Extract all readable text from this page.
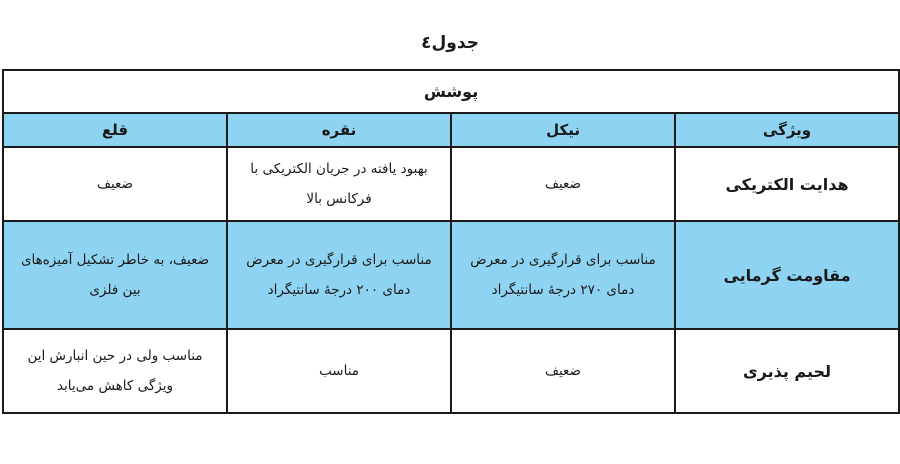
جدول٤
پوشش			
ویژگی	نیکل	نقره	قلع
هدایت الکتریکی	ضعیف	بهبود یافته در جریان الکتریکی با فرکانس بالا	ضعیف
مقاومت گرمایی	مناسب برای قرارگیری در معرض دمای ۲۷۰ درجهٔ سانتیگراد	مناسب برای قرارگیری در معرض دمای ۲۰۰ درجهٔ سانتیگراد	ضعیف، به خاطر تشکیل آمیزه‌های بین فلزی
لحیم پذیری	ضعیف	مناسب	مناسب ولی در حین انبارش این ویژگی کاهش می‌یابد
